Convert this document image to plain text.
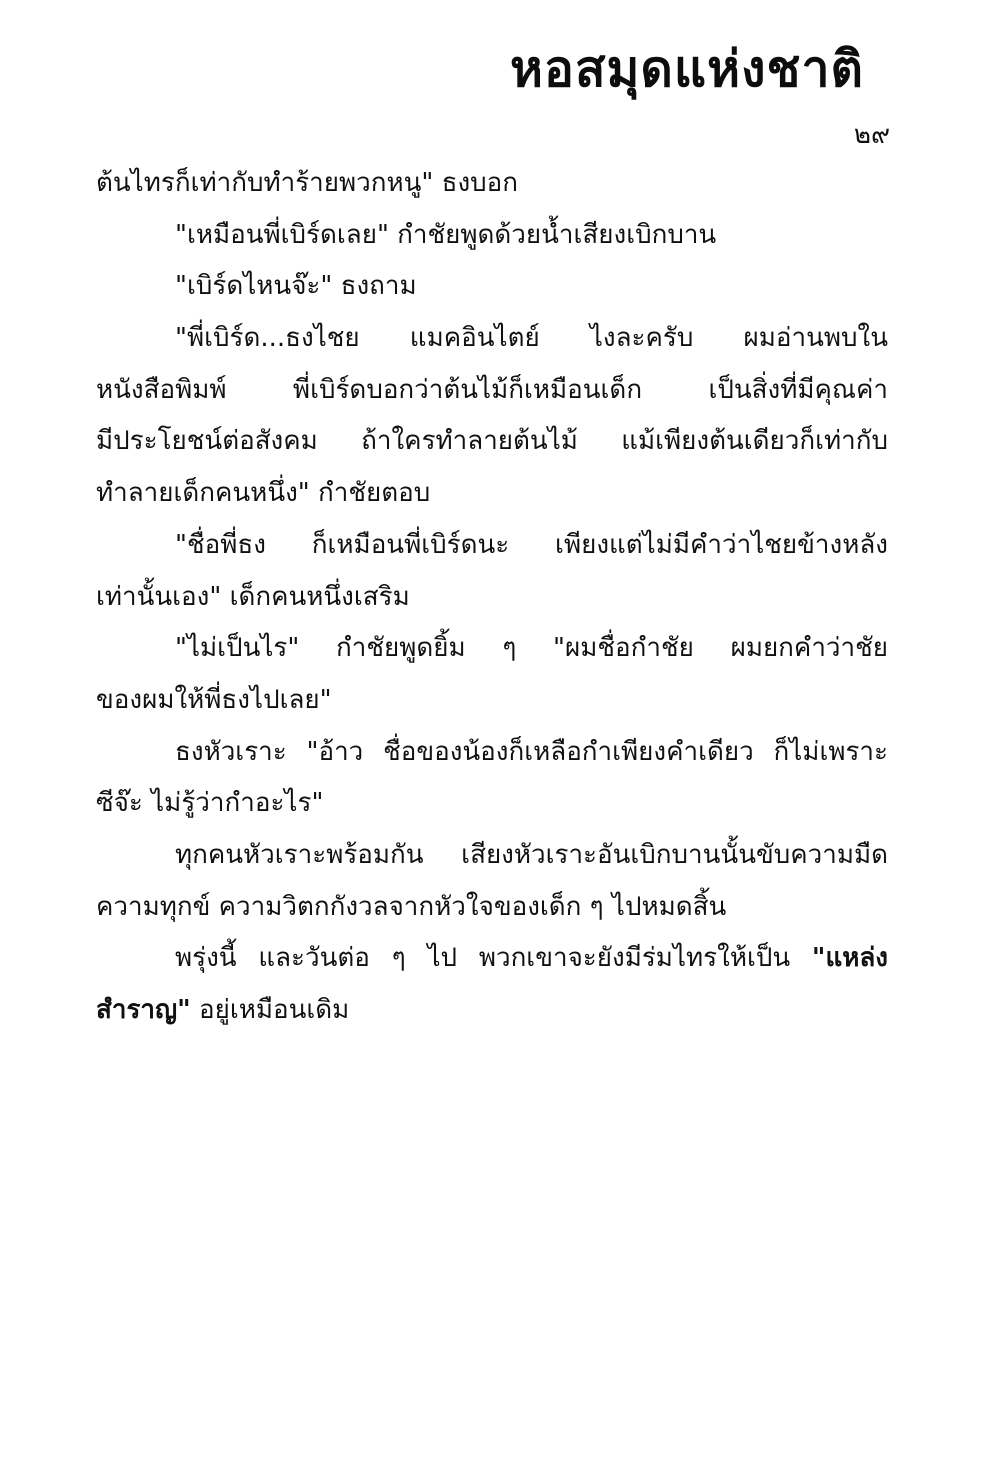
หอสมุดแห่งชาติ
๒๙
ต้นไทรก็เท่ากับทำร้ายพวกหนู" ธงบอก
"เหมือนพี่เบิร์ดเลย" กำชัยพูดด้วยน้ำเสียงเบิกบาน
"เบิร์ดไหนจ๊ะ" ธงถาม
"พี่เบิร์ด...ธงไชย แมคอินไตย์ ไงละครับ ผมอ่านพบใน
หนังสือพิมพ์ พี่เบิร์ดบอกว่าต้นไม้ก็เหมือนเด็ก เป็นสิ่งที่มีคุณค่า
มีประโยชน์ต่อสังคม ถ้าใครทำลายต้นไม้ แม้เพียงต้นเดียวก็เท่ากับ
ทำลายเด็กคนหนึ่ง" กำชัยตอบ
"ชื่อพี่ธง ก็เหมือนพี่เบิร์ดนะ เพียงแต่ไม่มีคำว่าไชยข้างหลัง
เท่านั้นเอง" เด็กคนหนึ่งเสริม
"ไม่เป็นไร" กำชัยพูดยิ้ม ๆ "ผมชื่อกำชัย ผมยกคำว่าชัย
ของผมให้พี่ธงไปเลย"
ธงหัวเราะ "อ้าว ชื่อของน้องก็เหลือกำเพียงคำเดียว ก็ไม่เพราะ
ซีจ๊ะ ไม่รู้ว่ากำอะไร"
ทุกคนหัวเราะพร้อมกัน เสียงหัวเราะอันเบิกบานนั้นขับความมืด
ความทุกข์ ความวิตกกังวลจากหัวใจของเด็ก ๆ ไปหมดสิ้น
พรุ่งนี้ และวันต่อ ๆ ไป พวกเขาจะยังมีร่มไทรให้เป็น "แหล่ง
สำราญ" อยู่เหมือนเดิม
